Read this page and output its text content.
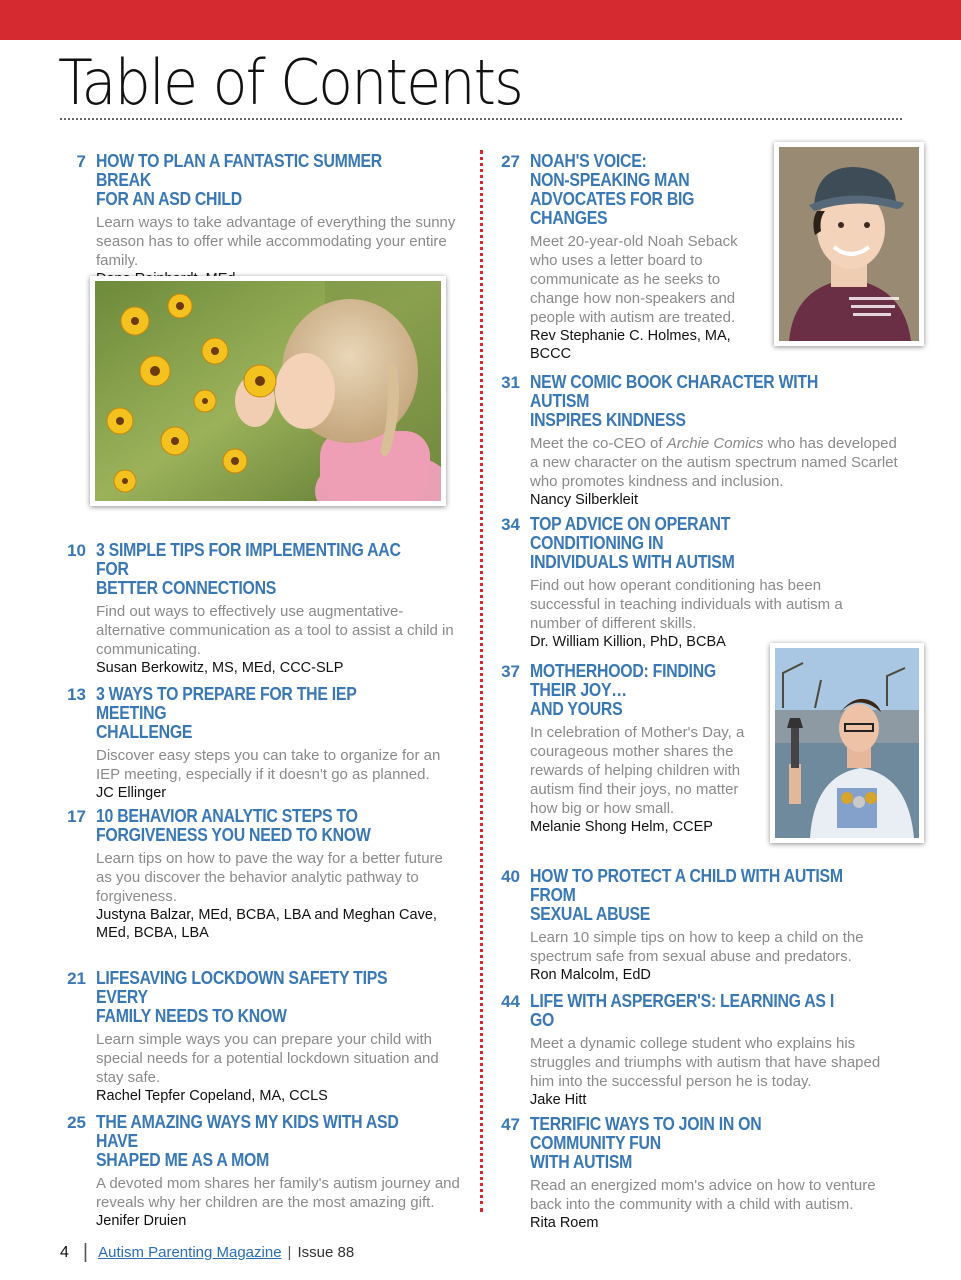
Table of Contents
7 HOW TO PLAN A FANTASTIC SUMMER BREAK
FOR AN ASD CHILD
Learn ways to take advantage of everything the sunny season has to offer while accommodating your entire family.
10 3 SIMPLE TIPS FOR IMPLEMENTING AAC FOR
BETTER CONNECTIONS
Find out ways to effectively use augmentative-alternative communication as a tool to assist a child in communicating.
Susan Berkowitz, MS, MEd, CCC-SLP
13 3 WAYS TO PREPARE FOR THE IEP MEETING
CHALLENGE
Discover easy steps you can take to organize for an IEP meeting, especially if it doesn't go as planned.
JC Ellinger
17 10 BEHAVIOR ANALYTIC STEPS TO
FORGIVENESS YOU NEED TO KNOW
Learn tips on how to pave the way for a better future as you discover the behavior analytic pathway to forgiveness.
Justyna Balzar, MEd, BCBA, LBA and Meghan Cave, MEd, BCBA, LBA
21 LIFESAVING LOCKDOWN SAFETY TIPS EVERY
FAMILY NEEDS TO KNOW
Learn simple ways you can prepare your child with special needs for a potential lockdown situation and stay safe.
Rachel Tepfer Copeland, MA, CCLS
25 THE AMAZING WAYS MY KIDS WITH ASD HAVE
SHAPED ME AS A MOM
A devoted mom shares her family's autism journey and reveals why her children are the most amazing gift.
Jenifer Druien
27 NOAH'S VOICE:
NON-SPEAKING MAN
ADVOCATES FOR BIG CHANGES
Meet 20-year-old Noah Seback who uses a letter board to communicate as he seeks to change how non-speakers and people with autism are treated.
Rev Stephanie C. Holmes, MA, BCCC
31 NEW COMIC BOOK CHARACTER WITH AUTISM
INSPIRES KINDNESS
Meet the co-CEO of Archie Comics who has developed a new character on the autism spectrum named Scarlet who promotes kindness and inclusion.
Nancy Silberkleit
34 TOP ADVICE ON OPERANT CONDITIONING IN
INDIVIDUALS WITH AUTISM
Find out how operant conditioning has been successful in teaching individuals with autism a number of different skills.
Dr. William Killion, PhD, BCBA
37 MOTHERHOOD: FINDING
THEIR JOY…
AND YOURS
In celebration of Mother's Day, a courageous mother shares the rewards of helping children with autism find their joys, no matter how big or how small.
Melanie Shong Helm, CCEP
40 HOW TO PROTECT A CHILD WITH AUTISM FROM
SEXUAL ABUSE
Learn 10 simple tips on how to keep a child on the spectrum safe from sexual abuse and predators.
Ron Malcolm, EdD
44 LIFE WITH ASPERGER'S: LEARNING AS I GO
Meet a dynamic college student who explains his struggles and triumphs with autism that have shaped him into the successful person he is today.
Jake Hitt
47 TERRIFIC WAYS TO JOIN IN ON COMMUNITY FUN
WITH AUTISM
Read an energized mom's advice on how to venture back into the community with a child with autism.
Rita Roem
4 | Autism Parenting Magazine | Issue 88
